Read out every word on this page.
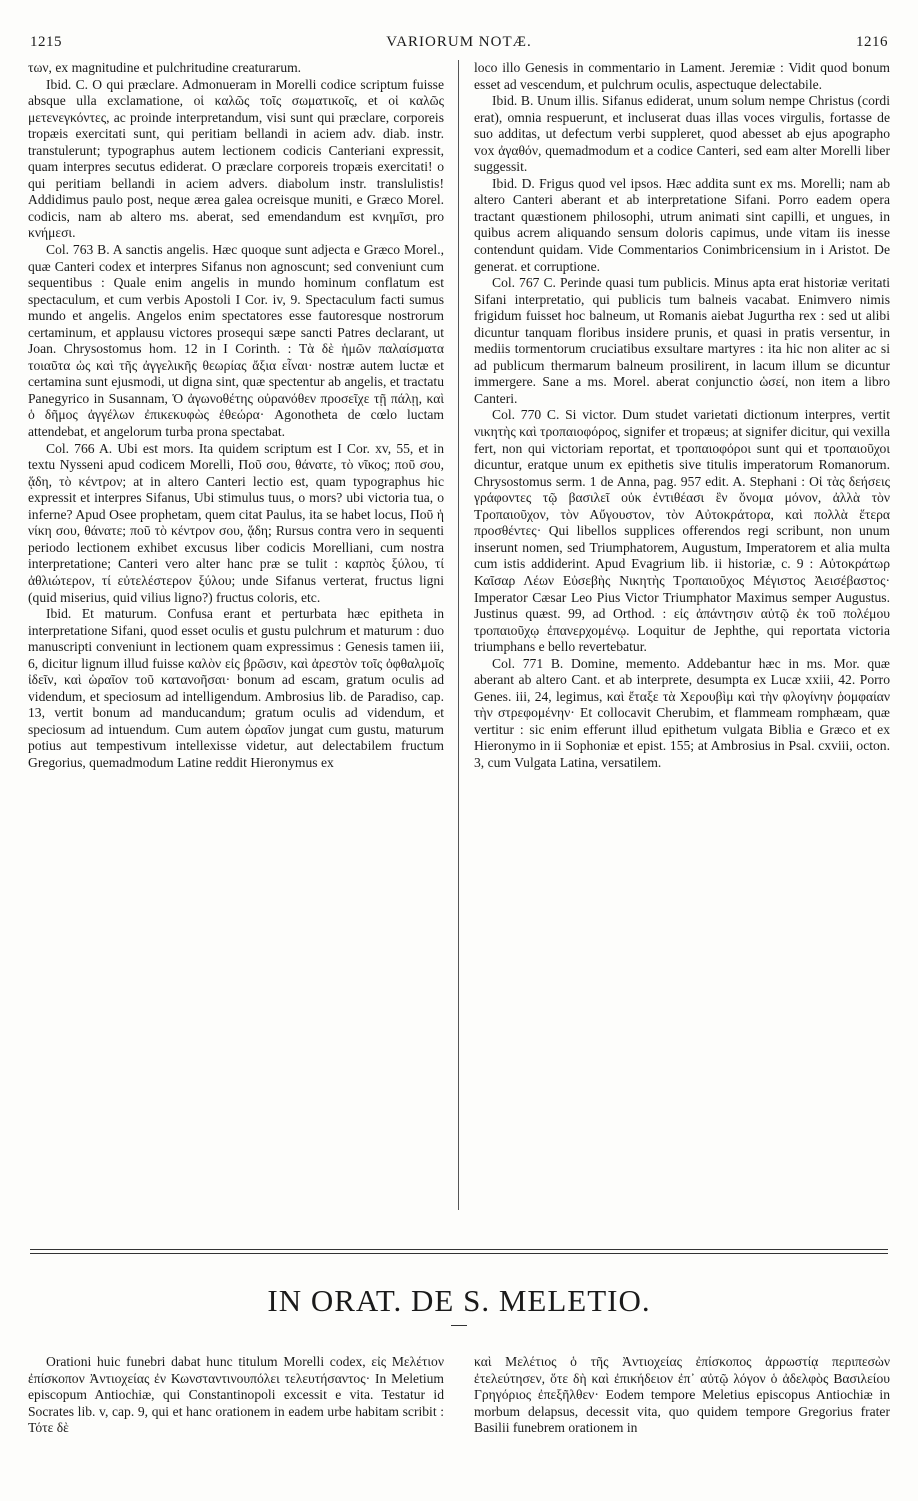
1215	VARIORUM NOTÆ.	1216

των, ex magnitudine et pulchritudine creaturarum.

Ibid. C. O qui præclare. Admonueram in Morelli codice scriptum fuisse absque ulla exclamatione, οἱ καλῶς τοῖς σωματικοῖς, et οἱ καλῶς μετενεγκόντες, ac proinde interpretandum, visi sunt qui præclare, corporeis tropæis exercitati sunt, qui peritiam bellandi in aciem adv. diab. instr. transtulerunt; typographus autem lectionem codicis Canteriani expressit, quam interpres secutus ediderat. O præclare corporeis tropæis exercitati! o qui peritiam bellandi in aciem advers. diabolum instr. translulistis! Addidimus paulo post, neque ærea galea ocreisque muniti, e Græco Morel. codicis, nam ab altero ms. aberat, sed emendandum est κνημῖσι, pro κνήμεσι.

Col. 763 B. A sanctis angelis. Hæc quoque sunt adjecta e Græco Morel., quæ Canteri codex et interpres Sifanus non agnoscunt; sed conveniunt cum sequentibus : Quale enim angelis in mundo hominum conflatum est spectaculum, et cum verbis Apostoli I Cor. iv, 9. Spectaculum facti sumus mundo et angelis. Angelos enim spectatores esse fautoresque nostrorum certaminum, et applausu victores prosequi sæpe sancti Patres declarant, ut Joan. Chrysostomus hom. 12 in I Corinth. : Τὰ δὲ ἡμῶν παλαίσματα τοιαῦτα ὡς καὶ τῆς ἀγγελικῆς θεωρίας ἄξια εἶναι· nostræ autem luctæ et certamina sunt ejusmodi, ut digna sint, quæ spectentur ab angelis, et tractatu Panegyrico in Susannam, Ὁ ἀγωνοθέτης οὐρανόθεν προσεῖχε τῇ πάλῃ, καὶ ὁ δῆμος ἀγγέλων ἐπικεκυφὼς ἐθεώρα· Agonotheta de cœlo luctam attendebat, et angelorum turba prona spectabat.

Col. 766 A. Ubi est mors. Ita quidem scriptum est I Cor. xv, 55, et in textu Nysseni apud codicem Morelli, Ποῦ σου, θάνατε, τὸ νῖκος; ποῦ σου, ᾅδη, τὸ κέντρον; at in altero Canteri lectio est, quam typographus hic expressit et interpres Sifanus, Ubi stimulus tuus, o mors? ubi victoria tua, o inferne? Apud Osee prophetam, quem citat Paulus, ita se habet locus, Ποῦ ἡ νίκη σου, θάνατε; ποῦ τὸ κέντρον σου, ᾅδη; Rursus contra vero in sequenti periodo lectionem exhibet excusus liber codicis Morelliani, cum nostra interpretatione; Canteri vero alter hanc præ se tulit : καρπὸς ξύλου, τί ἀθλιώτερον, τί εὐτελέστερον ξύλου; unde Sifanus verterat, fructus ligni (quid miserius, quid vilius ligno?) fructus coloris, etc.

Ibid. Et maturum. Confusa erant et perturbata hæc epitheta in interpretatione Sifani, quod esset oculis et gustu pulchrum et maturum : duo manuscripti conveniunt in lectionem quam expressimus : Genesis tamen iii, 6, dicitur lignum illud fuisse καλὸν εἰς βρῶσιν, καὶ ἀρεστὸν τοῖς ὀφθαλμοῖς ἰδεῖν, καὶ ὡραῖον τοῦ κατανοῆσαι· bonum ad escam, gratum oculis ad videndum, et speciosum ad intelligendum. Ambrosius lib. de Paradiso, cap. 13, vertit bonum ad manducandum; gratum oculis ad videndum, et speciosum ad intuendum. Cum autem ὡραῖον jungat cum gustu, maturum potius aut tempestivum intellexisse videtur, aut delectabilem fructum Gregorius, quemadmodum Latine reddit Hieronymus ex

loco illo Genesis in commentario in Lament. Jeremiæ : Vidit quod bonum esset ad vescendum, et pulchrum oculis, aspectuque delectabile.

Ibid. B. Unum illis. Sifanus ediderat, unum solum nempe Christus (cordi erat), omnia respuerunt, et incluserat duas illas voces virgulis, fortasse de suo additas, ut defectum verbi suppleret, quod abesset ab ejus apographo vox ἀγαθόν, quemadmodum et a codice Canteri, sed eam alter Morelli liber suggessit.

Ibid. D. Frigus quod vel ipsos. Hæc addita sunt ex ms. Morelli; nam ab altero Canteri aberant et ab interpretatione Sifani. Porro eadem opera tractant quæstionem philosophi, utrum animati sint capilli, et ungues, in quibus acrem aliquando sensum doloris capimus, unde vitam iis inesse contendunt quidam. Vide Commentarios Conimbricensium in i Aristot. De generat. et corruptione.

Col. 767 C. Perinde quasi tum publicis. Minus apta erat historiæ veritati Sifani interpretatio, qui publicis tum balneis vacabat. Enimvero nimis frigidum fuisset hoc balneum, ut Romanis aiebat Jugurtha rex : sed ut alibi dicuntur tanquam floribus insidere prunis, et quasi in pratis versentur, in mediis tormentorum cruciatibus exsultare martyres : ita hic non aliter ac si ad publicum thermarum balneum prosilirent, in lacum illum se dicuntur immergere. Sane a ms. Morel. aberat conjunctio ὡσεί, non item a libro Canteri.

Col. 770 C. Si victor. Dum studet varietati dictionum interpres, vertit νικητὴς καὶ τροπαιοφόρος, signifer et tropæus; at signifer dicitur, qui vexilla fert, non qui victoriam reportat, et τροπαιοφόροι sunt qui et τροπαιοῦχοι dicuntur, eratque unum ex epithetis sive titulis imperatorum Romanorum. Chrysostomus serm. 1 de Anna, pag. 957 edit. A. Stephani : Οἱ τὰς δεήσεις γράφοντες τῷ βασιλεῖ οὐκ ἐντιθέασι ἓν ὄνομα μόνον, ἀλλὰ τὸν Τροπαιοῦχον, τὸν Αὔγουστον, τὸν Αὐτοκράτορα, καὶ πολλὰ ἕτερα προσθέντες· Qui libellos supplices offerendos regi scribunt, non unum inserunt nomen, sed Triumphatorem, Augustum, Imperatorem et alia multa cum istis addiderint. Apud Evagrium lib. ii historiæ, c. 9 : Αὐτοκράτωρ Καῖσαρ Λέων Εὐσεβὴς Νικητὴς Τροπαιοῦχος Μέγιστος Ἀεισέβαστος· Imperator Cæsar Leo Pius Victor Triumphator Maximus semper Augustus. Justinus quæst. 99, ad Orthod. : εἰς ἀπάντησιν αὐτῷ ἐκ τοῦ πολέμου τροπαιοῦχῳ ἐπανερχομένῳ. Loquitur de Jephthe, qui reportata victoria triumphans e bello revertebatur.

Col. 771 B. Domine, memento. Addebantur hæc in ms. Mor. quæ aberant ab altero Cant. et ab interprete, desumpta ex Lucæ xxiii, 42. Porro Genes. iii, 24, legimus, καὶ ἔταξε τὰ Χερουβὶμ καὶ τὴν φλογίνην ῥομφαίαν τὴν στρεφομένην· Et collocavit Cherubim, et flammeam romphæam, quæ vertitur : sic enim efferunt illud epithetum vulgata Biblia e Græco et ex Hieronymo in ii Sophoniæ et epist. 155; at Ambrosius in Psal. cxviii, octon. 3, cum Vulgata Latina, versatilem.

IN ORAT. DE S. MELETIO.

Orationi huic funebri dabat hunc titulum Morelli codex, εἰς Μελέτιον ἐπίσκοπον Ἀντιοχείας ἐν Κωνσταντινουπόλει τελευτήσαντος· In Meletium episcopum Antiochiæ, qui Constantinopoli excessit e vita. Testatur id Socrates lib. v, cap. 9, qui et hanc orationem in eadem urbe habitam scribit : Τότε δὲ

καὶ Μελέτιος ὁ τῆς Ἀντιοχείας ἐπίσκοπος ἀρρωστίᾳ περιπεσὼν ἐτελεύτησεν, ὅτε δὴ καὶ ἐπικήδειον ἐπ᾽ αὐτῷ λόγον ὁ ἀδελφὸς Βασιλείου Γρηγόριος ἐπεξῆλθεν· Eodem tempore Meletius episcopus Antiochiæ in morbum delapsus, decessit vita, quo quidem tempore Gregorius frater Basilii funebrem orationem in
